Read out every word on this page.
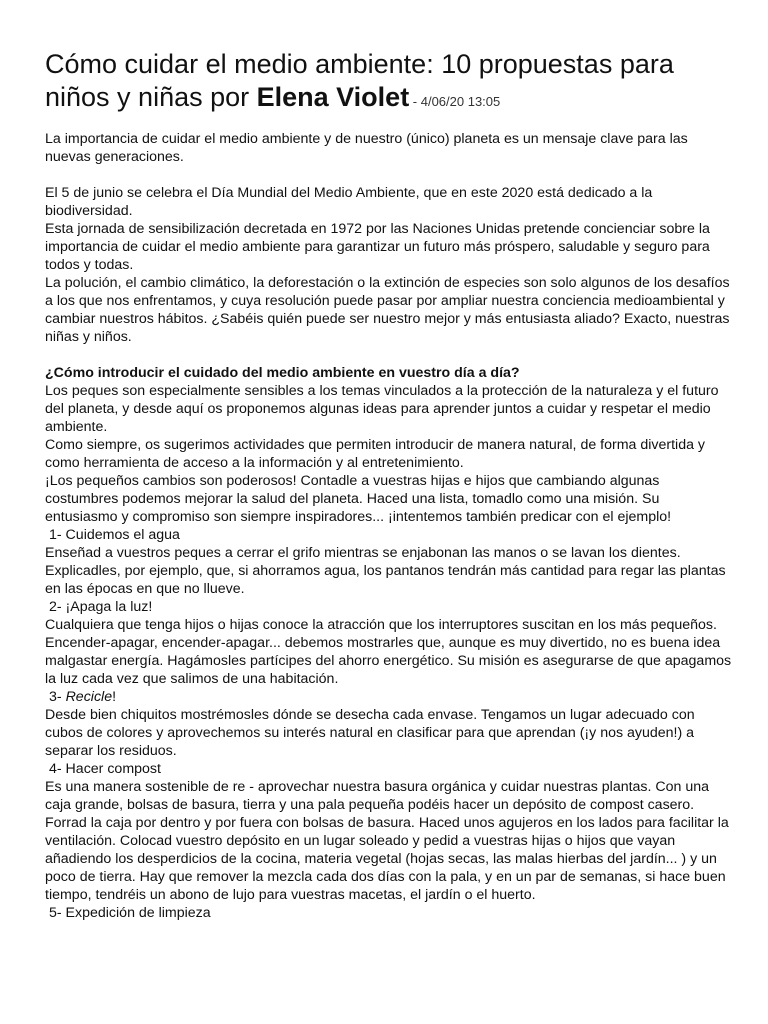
Cómo cuidar el medio ambiente: 10 propuestas para niños y niñas por Elena Violet - 4/06/20 13:05

La importancia de cuidar el medio ambiente y de nuestro (único) planeta es un mensaje clave para las nuevas generaciones.

El 5 de junio se celebra el Día Mundial del Medio Ambiente, que en este 2020 está dedicado a la biodiversidad.

Esta jornada de sensibilización decretada en 1972 por las Naciones Unidas pretende concienciar sobre la importancia de cuidar el medio ambiente para garantizar un futuro más próspero, saludable y seguro para todos y todas.

La polución, el cambio climático, la deforestación o la extinción de especies son solo algunos de los desafíos a los que nos enfrentamos, y cuya resolución puede pasar por ampliar nuestra conciencia medioambiental y cambiar nuestros hábitos. ¿Sabéis quién puede ser nuestro mejor y más entusiasta aliado? Exacto, nuestras niñas y niños.

¿Cómo introducir el cuidado del medio ambiente en vuestro día a día?

Los peques son especialmente sensibles a los temas vinculados a la protección de la naturaleza y el futuro del planeta, y desde aquí os proponemos algunas ideas para aprender juntos a cuidar y respetar el medio ambiente.

Como siempre, os sugerimos actividades que permiten introducir de manera natural, de forma divertida y como herramienta de acceso a la información y al entretenimiento.

¡Los pequeños cambios son poderosos! Contadle a vuestras hijas e hijos que cambiando algunas costumbres podemos mejorar la salud del planeta. Haced una lista, tomadlo como una misión. Su entusiasmo y compromiso son siempre inspiradores... ¡intentemos también predicar con el ejemplo!

1- Cuidemos el agua

Enseñad a vuestros peques a cerrar el grifo mientras se enjabonan las manos o se lavan los dientes. Explicadles, por ejemplo, que, si ahorramos agua, los pantanos tendrán más cantidad para regar las plantas en las épocas en que no llueve.

2- ¡Apaga la luz!

Cualquiera que tenga hijos o hijas conoce la atracción que los interruptores suscitan en los más pequeños. Encender-apagar, encender-apagar... debemos mostrarles que, aunque es muy divertido, no es buena idea malgastar energía. Hagámosles partícipes del ahorro energético. Su misión es asegurarse de que apagamos la luz cada vez que salimos de una habitación.

3- Recicle!

Desde bien chiquitos mostrémosles dónde se desecha cada envase. Tengamos un lugar adecuado con cubos de colores y aprovechemos su interés natural en clasificar para que aprendan (¡y nos ayuden!) a separar los residuos.

4- Hacer compost

Es una manera sostenible de re - aprovechar nuestra basura orgánica y cuidar nuestras plantas. Con una caja grande, bolsas de basura, tierra y una pala pequeña podéis hacer un depósito de compost casero.

Forrad la caja por dentro y por fuera con bolsas de basura. Haced unos agujeros en los lados para facilitar la ventilación. Colocad vuestro depósito en un lugar soleado y pedid a vuestras hijas o hijos que vayan añadiendo los desperdicios de la cocina, materia vegetal (hojas secas, las malas hierbas del jardín... ) y un poco de tierra. Hay que remover la mezcla cada dos días con la pala, y en un par de semanas, si hace buen tiempo, tendréis un abono de lujo para vuestras macetas, el jardín o el huerto.

5- Expedición de limpieza
